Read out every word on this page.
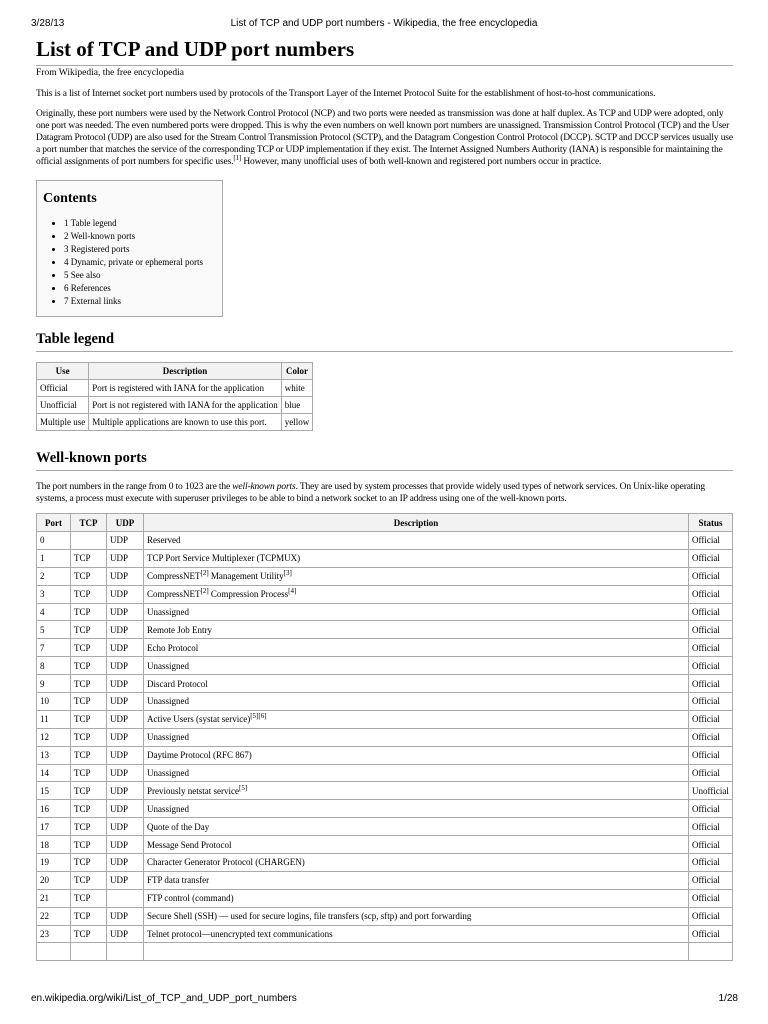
3/28/13	List of TCP and UDP port numbers - Wikipedia, the free encyclopedia
List of TCP and UDP port numbers
From Wikipedia, the free encyclopedia

This is a list of Internet socket port numbers used by protocols of the Transport Layer of the Internet Protocol Suite for the establishment of host-to-host communications.

Originally, these port numbers were used by the Network Control Protocol (NCP) and two ports were needed as transmission was done at half duplex. As TCP and UDP were adopted, only one port was needed. The even numbered ports were dropped. This is why the even numbers on well known port numbers are unassigned. Transmission Control Protocol (TCP) and the User Datagram Protocol (UDP) are also used for the Stream Control Transmission Protocol (SCTP), and the Datagram Congestion Control Protocol (DCCP). SCTP and DCCP services usually use a port number that matches the service of the corresponding TCP or UDP implementation if they exist. The Internet Assigned Numbers Authority (IANA) is responsible for maintaining the official assignments of port numbers for specific uses.[1] However, many unofficial uses of both well-known and registered port numbers occur in practice.

Contents
• 1 Table legend
• 2 Well-known ports
• 3 Registered ports
• 4 Dynamic, private or ephemeral ports
• 5 See also
• 6 References
• 7 External links
Table legend
Use	Description	Color
Official	Port is registered with IANA for the application	white
Unofficial	Port is not registered with IANA for the application	blue
Multiple use	Multiple applications are known to use this port.	yellow
Well-known ports

The port numbers in the range from 0 to 1023 are the well-known ports. They are used by system processes that provide widely used types of network services. On Unix-like operating systems, a process must execute with superuser privileges to be able to bind a network socket to an IP address using one of the well-known ports.

Port	TCP	UDP	Description	Status
0		UDP	Reserved	Official
1	TCP	UDP	TCP Port Service Multiplexer (TCPMUX)	Official
2	TCP	UDP	CompressNET[2] Management Utility[3]	Official
3	TCP	UDP	CompressNET[2] Compression Process[4]	Official
4	TCP	UDP	Unassigned	Official
5	TCP	UDP	Remote Job Entry	Official
7	TCP	UDP	Echo Protocol	Official
8	TCP	UDP	Unassigned	Official
9	TCP	UDP	Discard Protocol	Official
10	TCP	UDP	Unassigned	Official
11	TCP	UDP	Active Users (systat service)[5][6]	Official
12	TCP	UDP	Unassigned	Official
13	TCP	UDP	Daytime Protocol (RFC 867)	Official
14	TCP	UDP	Unassigned	Official
15	TCP	UDP	Previously netstat service[5]	Unofficial
16	TCP	UDP	Unassigned	Official
17	TCP	UDP	Quote of the Day	Official
18	TCP	UDP	Message Send Protocol	Official
19	TCP	UDP	Character Generator Protocol (CHARGEN)	Official
20	TCP	UDP	FTP data transfer	Official
21	TCP		FTP control (command)	Official
22	TCP	UDP	Secure Shell (SSH) — used for secure logins, file transfers (scp, sftp) and port forwarding	Official
23	TCP	UDP	Telnet protocol—unencrypted text communications	Official

en.wikipedia.org/wiki/List_of_TCP_and_UDP_port_numbers	1/28
